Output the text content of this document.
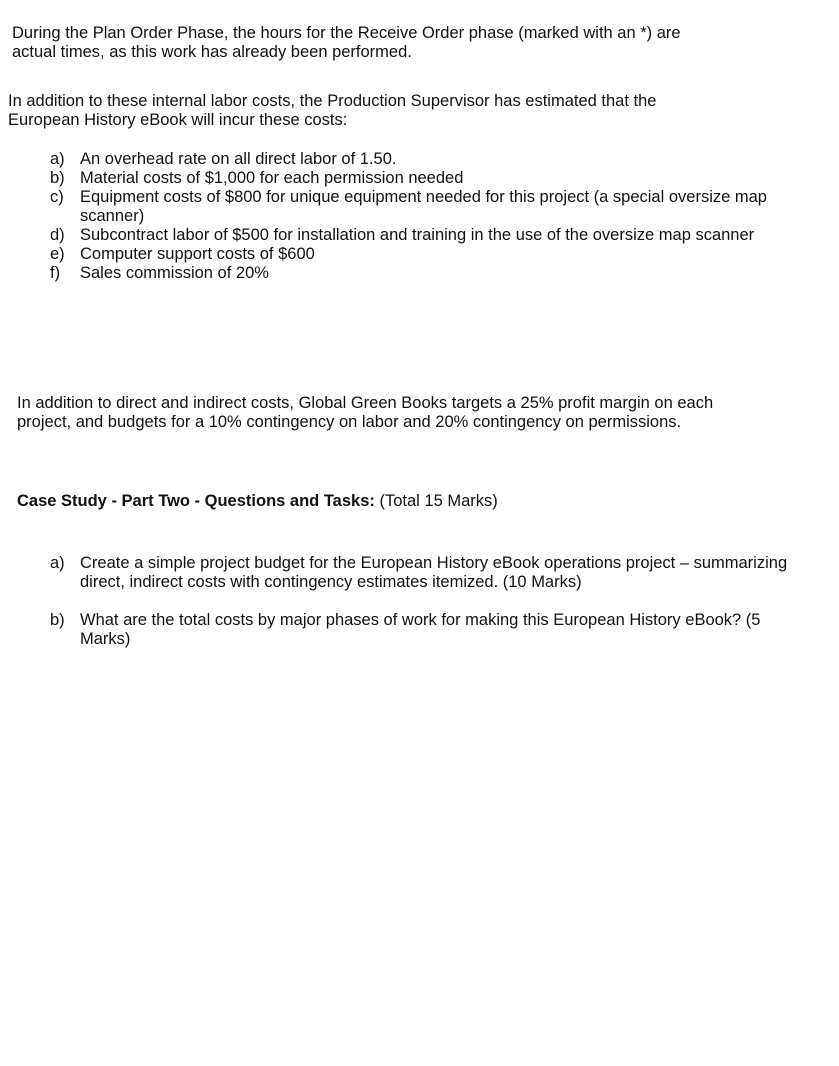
During the Plan Order Phase, the hours for the Receive Order phase (marked with an *) are

actual times, as this work has already been performed.

In addition to these internal labor costs, the Production Supervisor has estimated that the

European History eBook will incur these costs:

a) An overhead rate on all direct labor of 1.50.
b) Material costs of $1,000 for each permission needed
c) Equipment costs of $800 for unique equipment needed for this project (a special oversize map scanner)
d) Subcontract labor of $500 for installation and training in the use of the oversize map scanner
e) Computer support costs of $600
f) Sales commission of 20%

In addition to direct and indirect costs, Global Green Books targets a 25% profit margin on each

project, and budgets for a 10% contingency on labor and 20% contingency on permissions.

Case Study - Part Two - Questions and Tasks: (Total 15 Marks)

a) Create a simple project budget for the European History eBook operations project – summarizing direct, indirect costs with contingency estimates itemized. (10 Marks)
b) What are the total costs by major phases of work for making this European History eBook? (5 Marks)
